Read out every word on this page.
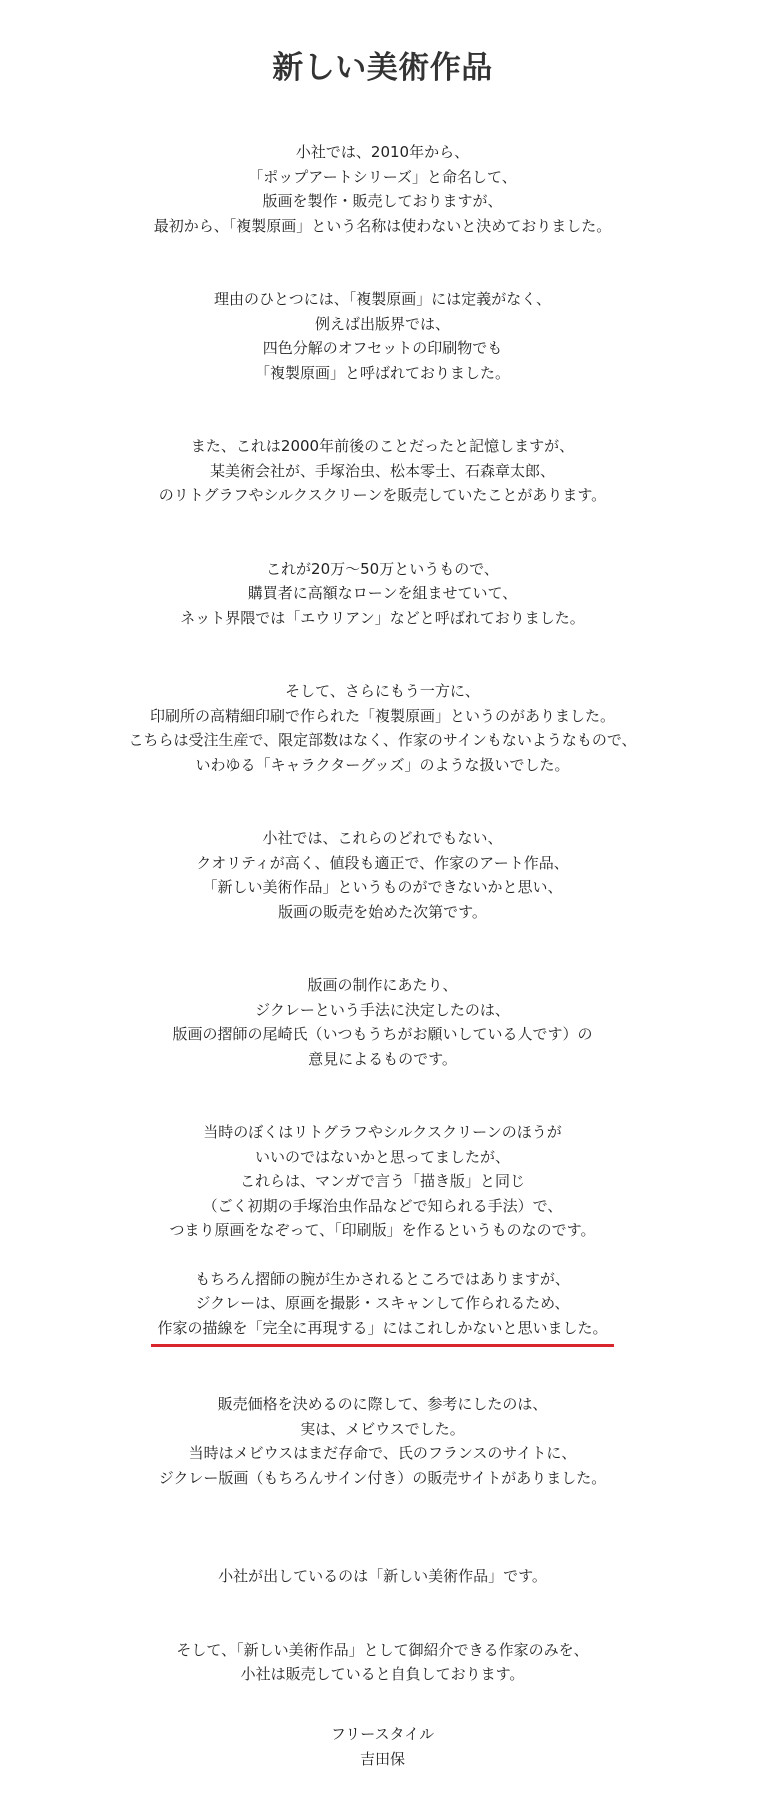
新しい美術作品

小社では、2010年から、
「ポップアートシリーズ」と命名して、
版画を製作・販売しておりますが、
最初から、「複製原画」という名称は使わないと決めておりました。

理由のひとつには、「複製原画」には定義がなく、
例えば出版界では、
四色分解のオフセットの印刷物でも
「複製原画」と呼ばれておりました。

また、これは2000年前後のことだったと記憶しますが、
某美術会社が、手塚治虫、松本零士、石森章太郎、
のリトグラフやシルクスクリーンを販売していたことがあります。

これが20万〜50万というもので、
購買者に高額なローンを組ませていて、
ネット界隈では「エウリアン」などと呼ばれておりました。

そして、さらにもう一方に、
印刷所の高精細印刷で作られた「複製原画」というのがありました。
こちらは受注生産で、限定部数はなく、作家のサインもないようなもので、
いわゆる「キャラクターグッズ」のような扱いでした。

小社では、これらのどれでもない、
クオリティが高く、値段も適正で、作家のアート作品、
「新しい美術作品」というものができないかと思い、
版画の販売を始めた次第です。

版画の制作にあたり、
ジクレーという手法に決定したのは、
版画の摺師の尾崎氏（いつもうちがお願いしている人です）の
意見によるものです。

当時のぼくはリトグラフやシルクスクリーンのほうが
いいのではないかと思ってましたが、
これらは、マンガで言う「描き版」と同じ
（ごく初期の手塚治虫作品などで知られる手法）で、
つまり原画をなぞって、「印刷版」を作るというものなのです。

もちろん摺師の腕が生かされるところではありますが、
ジクレーは、原画を撮影・スキャンして作られるため、
作家の描線を「完全に再現する」にはこれしかないと思いました。

販売価格を決めるのに際して、参考にしたのは、
実は、メビウスでした。
当時はメビウスはまだ存命で、氏のフランスのサイトに、
ジクレー版画（もちろんサイン付き）の販売サイトがありました。

小社が出しているのは「新しい美術作品」です。

そして、「新しい美術作品」として御紹介できる作家のみを、
小社は販売していると自負しております。

フリースタイル
吉田保
